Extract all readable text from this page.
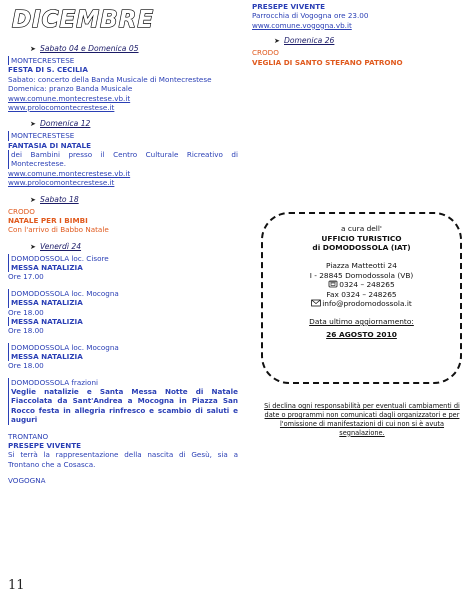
DICEMBRE
➤ Sabato 04 e Domenica 05
MONTECRESTESE
FESTA DI S. CECILIA
Sabato: concerto della Banda Musicale di Montecrestese
Domenica: pranzo Banda Musicale
www.comune.montecrestese.vb.it
www.prolocomontecrestese.it
➤ Domenica 12
MONTECRESTESE
FANTASIA DI NATALE
dei Bambini presso il Centro Culturale Ricreativo di Montecrestese.
www.comune.montecrestese.vb.it
www.prolocomontecrestese.it
➤ Sabato 18
CRODO
NATALE PER I BIMBI
Con l'arrivo di Babbo Natale
➤ Venerdì 24
DOMODOSSOLA loc. Cisore
MESSA NATALIZIA
Ore 17.00
DOMODOSSOLA loc. Mocogna
MESSA NATALIZIA
Ore 18.00
MESSA NATALIZIA
Ore 18.00
DOMODOSSOLA loc. Mocogna
MESSA NATALIZIA
Ore 18.00
DOMODOSSOLA frazioni
Veglie natalizie e Santa Messa Notte di Natale Fiaccolata da Sant'Andrea a Mocogna in Piazza San Rocco festa in allegria rinfresco e scambio di saluti e auguri
TRONTANO
PRESEPE VIVENTE
Si terrà la rappresentazione della nascita di Gesù, sia a Trontano che a Cosasca.
VOGOGNA
11
PRESEPE VIVENTE
Parrocchia di Vogogna ore 23.00
www.comune.vogogna.vb.it
➤ Domenica 26
CRODO
VEGLIA DI SANTO STEFANO PATRONO
a cura dell'
UFFICIO TURISTICO
di DOMODOSSOLA (IAT)
Piazza Matteotti 24
I - 28845 Domodossola (VB)
0324 – 248265
Fax 0324 – 248265
info@prodomodossola.it
Data ultimo aggiornamento:
26 AGOSTO 2010
Si declina ogni responsabilità per eventuali cambiamenti di date o programmi non comunicati dagli organizzatori e per l'omissione di manifestazioni di cui non si è avuta segnalazione.
